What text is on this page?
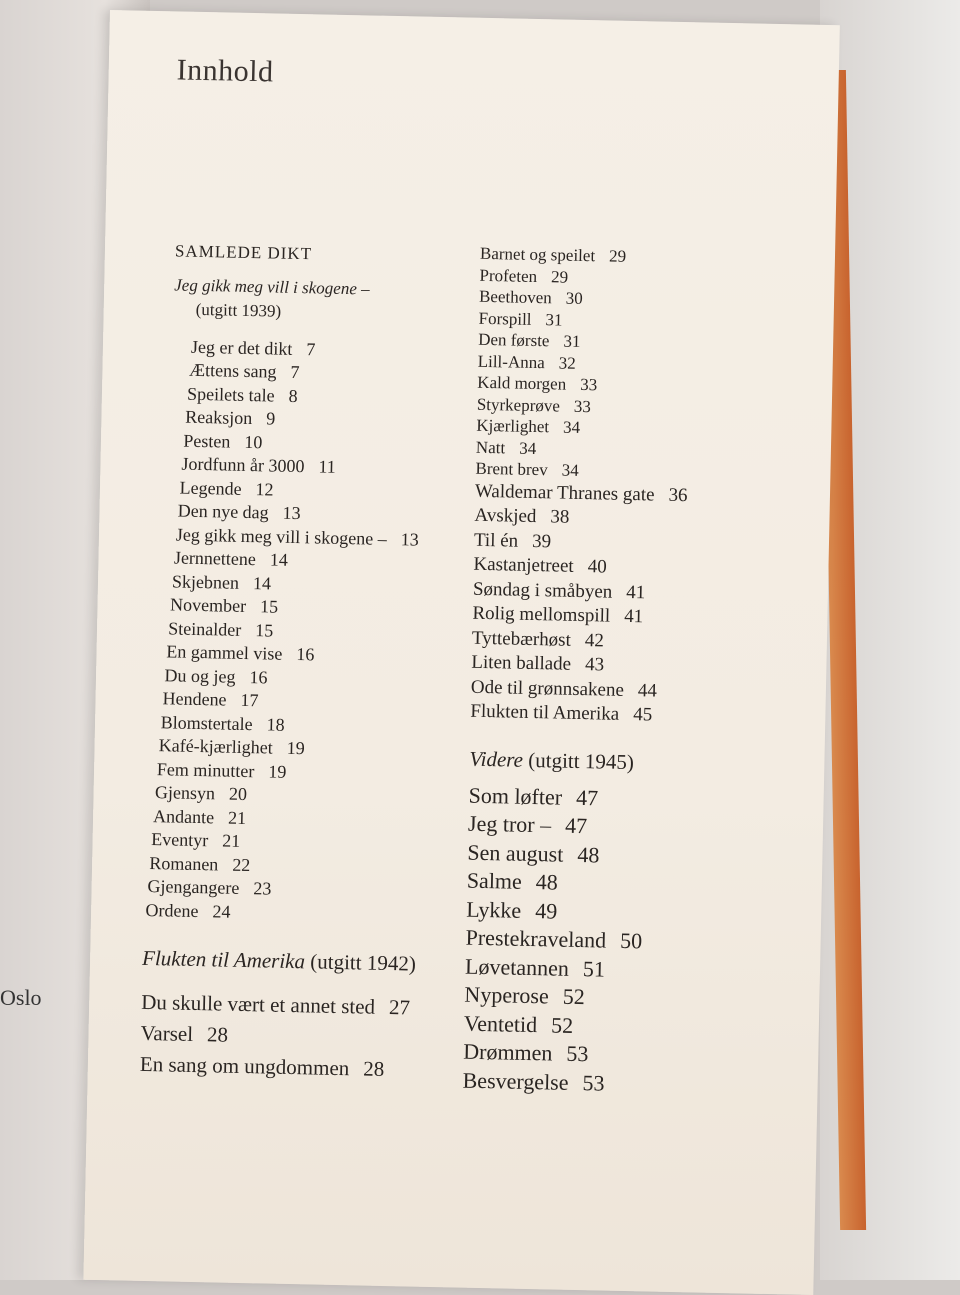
Oslo
Innhold
SAMLEDE DIKT
Jeg gikk meg vill i skogene –
(utgitt 1939)
Jeg er det dikt 7
Ættens sang 7
Speilets tale 8
Reaksjon 9
Pesten 10
Jordfunn år 3000 11
Legende 12
Den nye dag 13
Jeg gikk meg vill i skogene – 13
Jernnettene 14
Skjebnen 14
November 15
Steinalder 15
En gammel vise 16
Du og jeg 16
Hendene 17
Blomstertale 18
Kafé-kjærlighet 19
Fem minutter 19
Gjensyn 20
Andante 21
Eventyr 21
Romanen 22
Gjengangere 23
Ordene 24
Flukten til Amerika (utgitt 1942)
Du skulle vært et annet sted 27
Varsel 28
En sang om ungdommen 28
Barnet og speilet 29
Profeten 29
Beethoven 30
Forspill 31
Den første 31
Lill-Anna 32
Kald morgen 33
Styrkeprøve 33
Kjærlighet 34
Natt 34
Brent brev 34
Waldemar Thranes gate 36
Avskjed 38
Til én 39
Kastanjetreet 40
Søndag i småbyen 41
Rolig mellomspill 41
Tyttebærhøst 42
Liten ballade 43
Ode til grønnsakene 44
Flukten til Amerika 45
Videre (utgitt 1945)
Som løfter 47
Jeg tror – 47
Sen august 48
Salme 48
Lykke 49
Prestekraveland 50
Løvetannen 51
Nyperose 52
Ventetid 52
Drømmen 53
Besvergelse 53
